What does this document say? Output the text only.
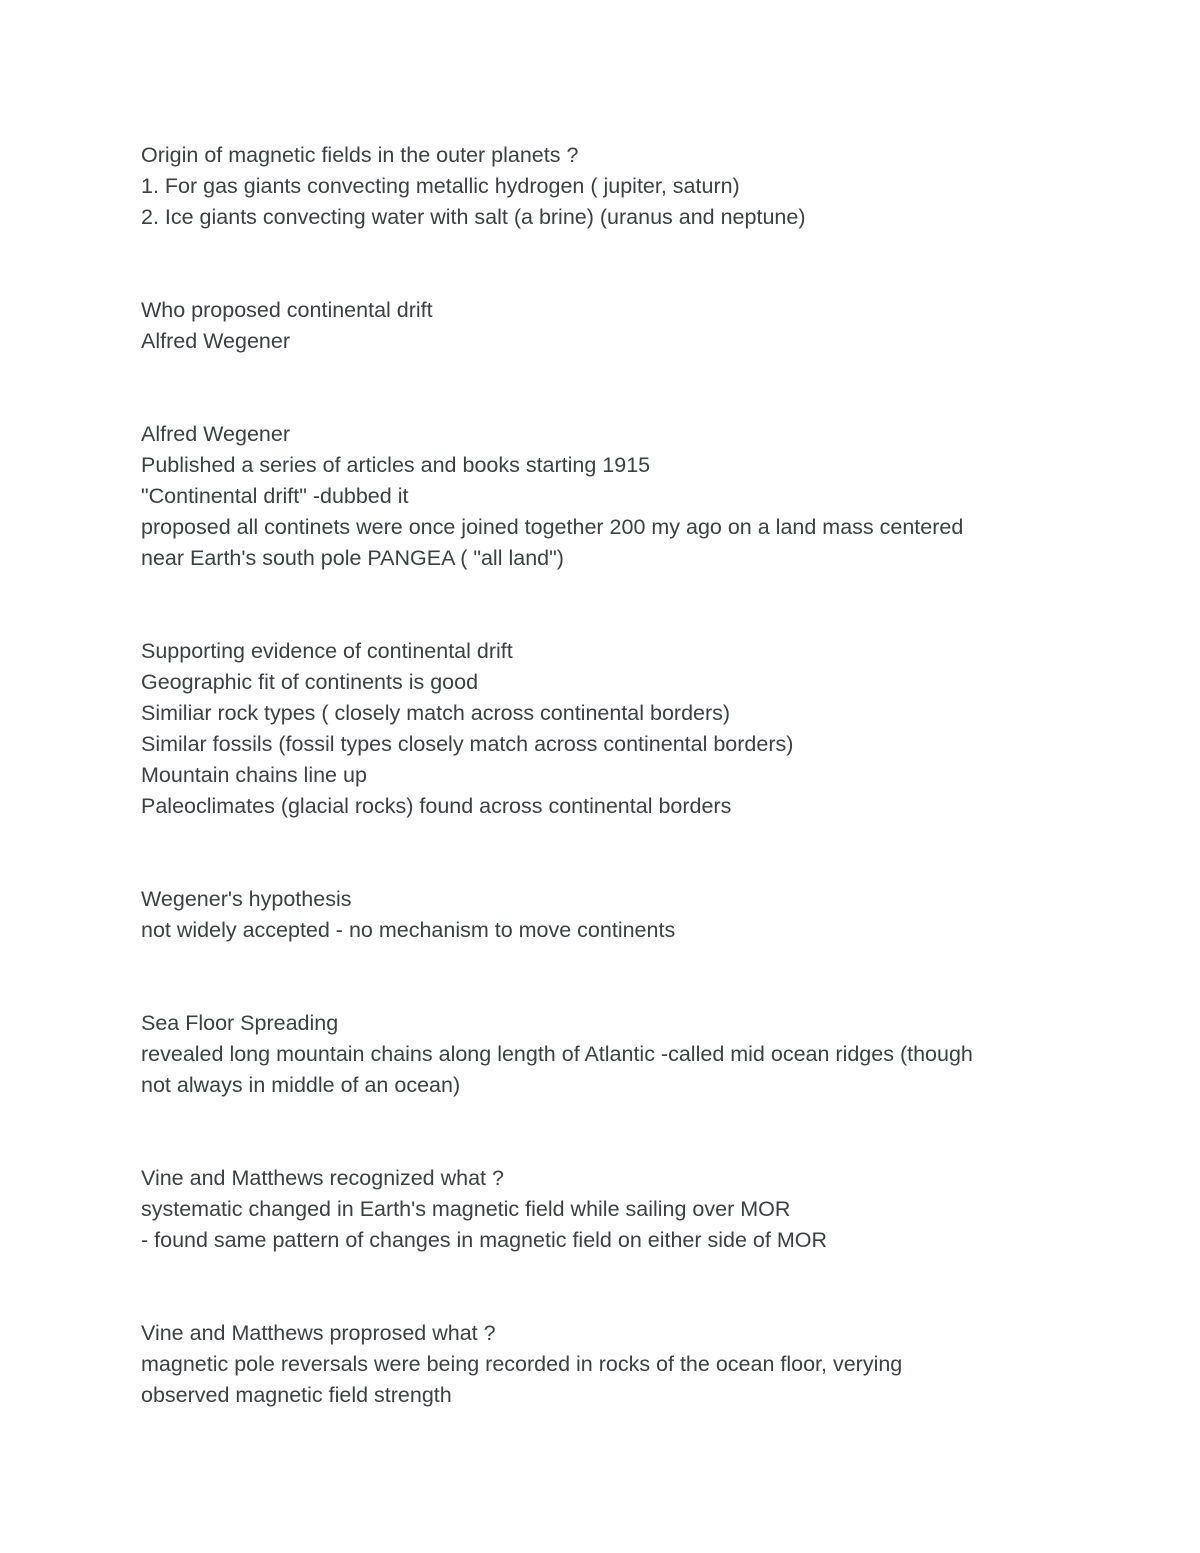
Origin of magnetic fields in the outer planets ?
1. For gas giants convecting metallic hydrogen ( jupiter, saturn)
2. Ice giants convecting water with salt (a brine) (uranus and neptune)
Who proposed continental drift
Alfred Wegener
Alfred Wegener
Published a series of articles and books starting 1915
"Continental drift" -dubbed it
proposed all continets were once joined together 200 my ago on a land mass centered
near Earth's south pole PANGEA ( "all land")
Supporting evidence of continental drift
Geographic fit of continents is good
Similiar rock types ( closely match across continental borders)
Similar fossils (fossil types closely match across continental borders)
Mountain chains line up
Paleoclimates (glacial rocks) found across continental borders
Wegener's hypothesis
not widely accepted - no mechanism to move continents
Sea Floor Spreading
revealed long mountain chains along length of Atlantic -called mid ocean ridges (though
not always in middle of an ocean)
Vine and Matthews recognized what ?
systematic changed in Earth's magnetic field while sailing over MOR
- found same pattern of changes in magnetic field on either side of MOR
Vine and Matthews proprosed what ?
magnetic pole reversals were being recorded in rocks of the ocean floor, verying
observed magnetic field strength
